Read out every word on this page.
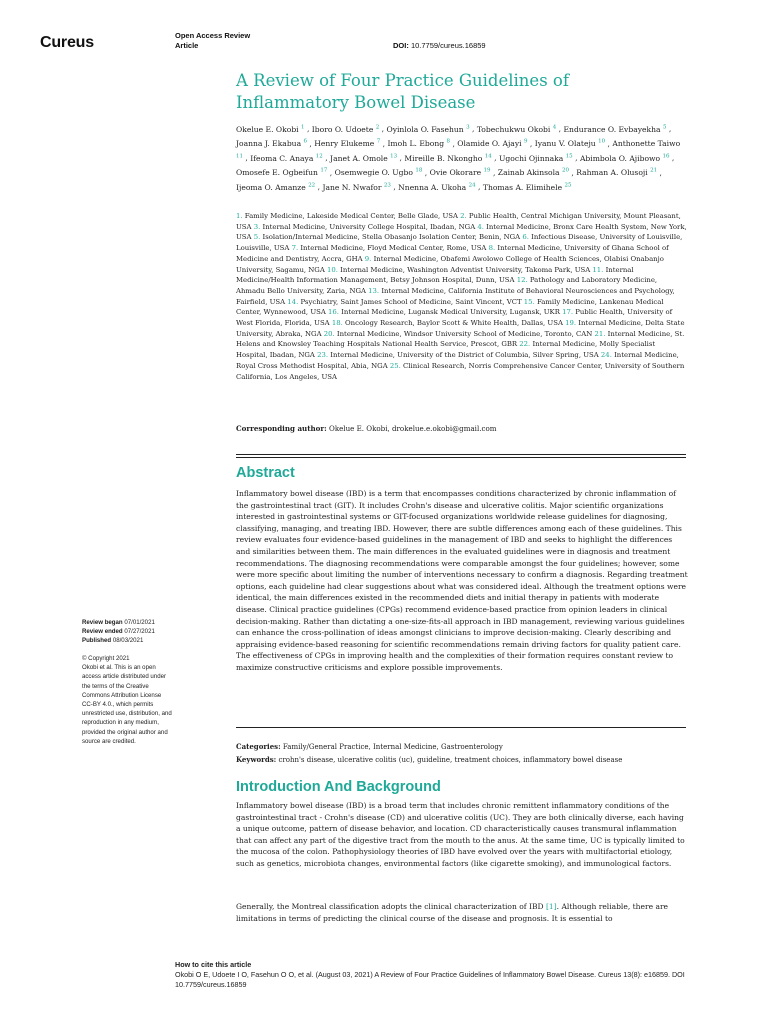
Cureus	Open Access Review
Article	DOI: 10.7759/cureus.16859
A Review of Four Practice Guidelines of Inflammatory Bowel Disease
Okelue E. Okobi $^1$ , Iboro O. Udoete $^2$ , Oyinlola O. Fasehun $^3$ , Tobechukwu Okobi $^4$ , Endurance O. Evbayekha $^5$ , Joanna J. Ekabua $^6$ , Henry Elukeme $^7$ , Imoh L. Ebong $^8$ , Olamide O. Ajayi $^9$ , Iyanu V. Olateju $^{10}$ , Anthonette Taiwo $^{11}$ , Ifeoma C. Anaya $^{12}$ , Janet A. Omole $^{13}$ , Mireille B. Nkongho $^{14}$ , Ugochi Ojinnaka $^{15}$ , Abimbola O. Ajibowo $^{16}$ , Omosefe E. Ogbeifun $^{17}$ , Osemwegie O. Ugbo $^{18}$ , Ovie Okorare $^{19}$ , Zainab Akinsola $^{20}$ , Rahman A. Olusoji $^{21}$ , Ijeoma O. Amanze $^{22}$ , Jane N. Nwafor $^{23}$ , Nnenna A. Ukoha $^{24}$ , Thomas A. Elimihele $^{25}$
1. Family Medicine, Lakeside Medical Center, Belle Glade, USA 2. Public Health, Central Michigan University, Mount Pleasant, USA 3. Internal Medicine, University College Hospital, Ibadan, NGA 4. Internal Medicine, Bronx Care Health System, New York, USA 5. Isolation/Internal Medicine, Stella Obasanjo Isolation Center, Benin, NGA 6. Infectious Disease, University of Louisville, Louisville, USA 7. Internal Medicine, Floyd Medical Center, Rome, USA 8. Internal Medicine, University of Ghana School of Medicine and Dentistry, Accra, GHA 9. Internal Medicine, Obafemi Awolowo College of Health Sciences, Olabisi Onabanjo University, Sagamu, NGA 10. Internal Medicine, Washington Adventist University, Takoma Park, USA 11. Internal Medicine/Health Information Management, Betsy Johnson Hospital, Dunn, USA 12. Pathology and Laboratory Medicine, Ahmadu Bello University, Zaria, NGA 13. Internal Medicine, California Institute of Behavioral Neurosciences and Psychology, Fairfield, USA 14. Psychiatry, Saint James School of Medicine, Saint Vincent, VCT 15. Family Medicine, Lankenau Medical Center, Wynnewood, USA 16. Internal Medicine, Lugansk Medical University, Lugansk, UKR 17. Public Health, University of West Florida, Florida, USA 18. Oncology Research, Baylor Scott & White Health, Dallas, USA 19. Internal Medicine, Delta State University, Abraka, NGA 20. Internal Medicine, Windsor University School of Medicine, Toronto, CAN 21. Internal Medicine, St. Helens and Knowsley Teaching Hospitals National Health Service, Prescot, GBR 22. Internal Medicine, Molly Specialist Hospital, Ibadan, NGA 23. Internal Medicine, University of the District of Columbia, Silver Spring, USA 24. Internal Medicine, Royal Cross Methodist Hospital, Abia, NGA 25. Clinical Research, Norris Comprehensive Cancer Center, University of Southern California, Los Angeles, USA
Corresponding author: Okelue E. Okobi, drokelue.e.okobi@gmail.com
Abstract
Inflammatory bowel disease (IBD) is a term that encompasses conditions characterized by chronic inflammation of the gastrointestinal tract (GIT). It includes Crohn's disease and ulcerative colitis. Major scientific organizations interested in gastrointestinal systems or GIT-focused organizations worldwide release guidelines for diagnosing, classifying, managing, and treating IBD. However, there are subtle differences among each of these guidelines. This review evaluates four evidence-based guidelines in the management of IBD and seeks to highlight the differences and similarities between them. The main differences in the evaluated guidelines were in diagnosis and treatment recommendations. The diagnosing recommendations were comparable amongst the four guidelines; however, some were more specific about limiting the number of interventions necessary to confirm a diagnosis. Regarding treatment options, each guideline had clear suggestions about what was considered ideal. Although the treatment options were identical, the main differences existed in the recommended diets and initial therapy in patients with moderate disease. Clinical practice guidelines (CPGs) recommend evidence-based practice from opinion leaders in clinical decision-making. Rather than dictating a one-size-fits-all approach in IBD management, reviewing various guidelines can enhance the cross-pollination of ideas amongst clinicians to improve decision-making. Clearly describing and appraising evidence-based reasoning for scientific recommendations remain driving factors for quality patient care. The effectiveness of CPGs in improving health and the complexities of their formation requires constant review to maximize constructive criticisms and explore possible improvements.
Review began 07/01/2021
Review ended 07/27/2021
Published 08/03/2021
© Copyright 2021
Okobi et al. This is an open access article distributed under the terms of the Creative Commons Attribution License CC-BY 4.0., which permits unrestricted use, distribution, and reproduction in any medium, provided the original author and source are credited.
Categories: Family/General Practice, Internal Medicine, Gastroenterology
Keywords: crohn's disease, ulcerative colitis (uc), guideline, treatment choices, inflammatory bowel disease
Introduction And Background
Inflammatory bowel disease (IBD) is a broad term that includes chronic remittent inflammatory conditions of the gastrointestinal tract - Crohn's disease (CD) and ulcerative colitis (UC). They are both clinically diverse, each having a unique outcome, pattern of disease behavior, and location. CD characteristically causes transmural inflammation that can affect any part of the digestive tract from the mouth to the anus. At the same time, UC is typically limited to the mucosa of the colon. Pathophysiology theories of IBD have evolved over the years with multifactorial etiology, such as genetics, microbiota changes, environmental factors (like cigarette smoking), and immunological factors.
Generally, the Montreal classification adopts the clinical characterization of IBD [1]. Although reliable, there are limitations in terms of predicting the clinical course of the disease and prognosis. It is essential to
How to cite this article
Okobi O E, Udoete I O, Fasehun O O, et al. (August 03, 2021) A Review of Four Practice Guidelines of Inflammatory Bowel Disease. Cureus 13(8): e16859. DOI 10.7759/cureus.16859
